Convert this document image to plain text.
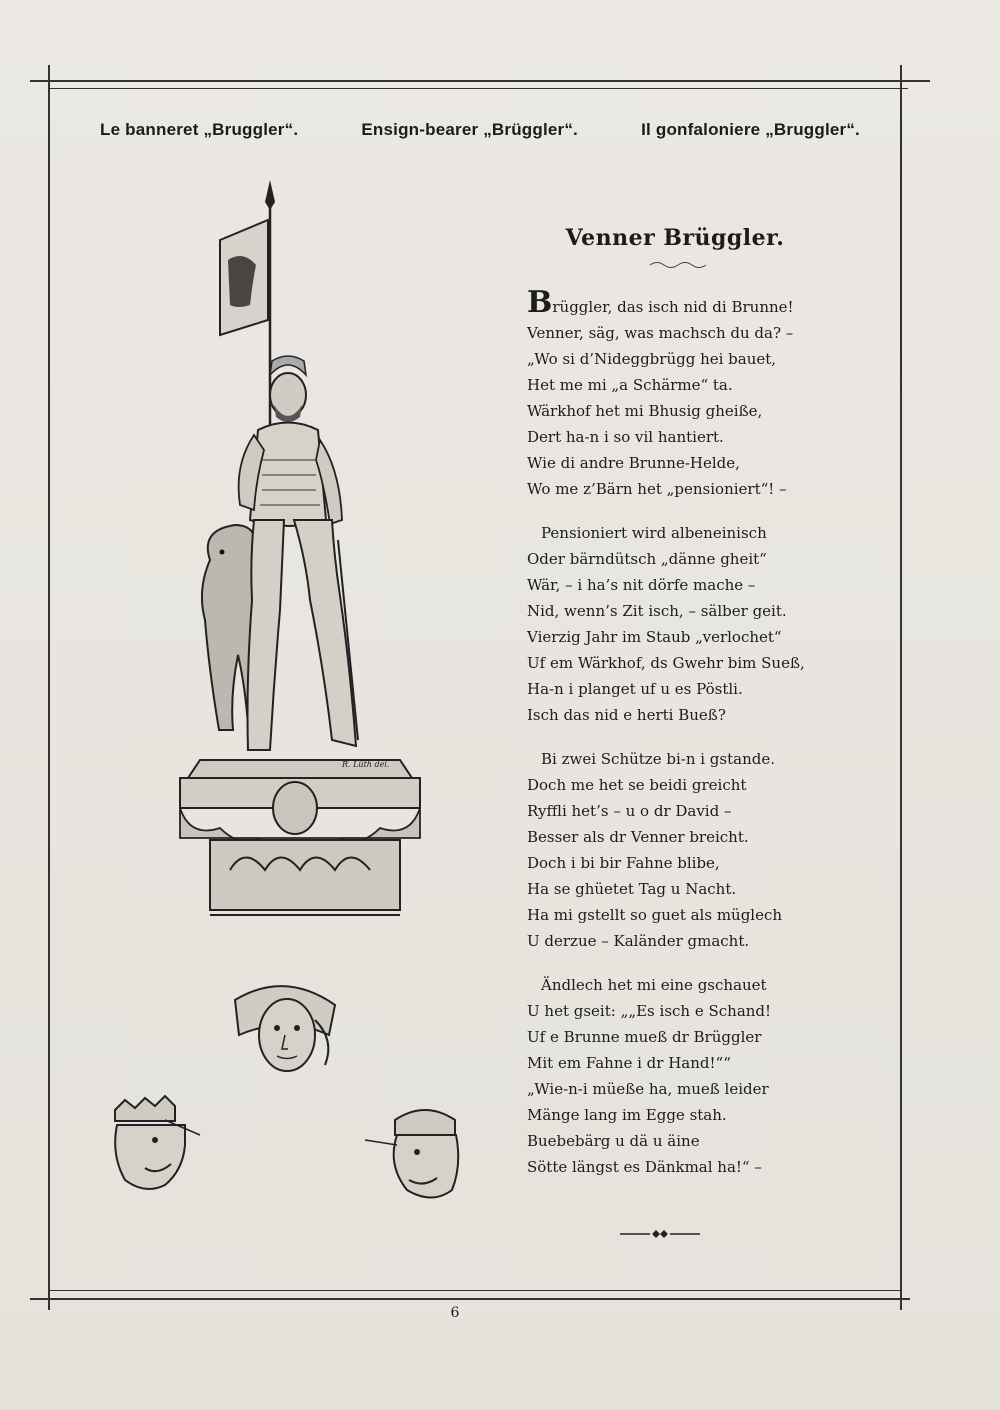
Le banneret „Bruggler“.	Ensign-bearer „Brüggler“.	Il gonfaloniere „Bruggler“.
R. Lüth del.
Venner Brüggler.
Brüggler, das isch nid di Brunne!
Venner, säg, was machsch du da? –
„Wo si d’Nideggbrügg hei bauet,
Het me mi „a Schärme“ ta.
Wärkhof het mi Bhusig gheiße,
Dert ha-n i so vil hantiert.
Wie di andre Brunne-Helde,
Wo me z’Bärn het „pensioniert“! –
Pensioniert wird albeneinisch
Oder bärndütsch „dänne gheit“
Wär, – i ha’s nit dörfe mache –
Nid, wenn’s Zit isch, – sälber geit.
Vierzig Jahr im Staub „verlochet“
Uf em Wärkhof, ds Gwehr bim Sueß,
Ha-n i planget uf u es Pöstli.
Isch das nid e herti Bueß?
Bi zwei Schütze bi-n i gstande.
Doch me het se beidi greicht
Ryffli het’s – u o dr David –
Besser als dr Venner breicht.
Doch i bi bir Fahne blibe,
Ha se ghüetet Tag u Nacht.
Ha mi gstellt so guet als müglech
U derzue – Kaländer gmacht.
Ändlech het mi eine gschauet
U het gseit: „„Es isch e Schand!
Uf e Brunne mueß dr Brüggler
Mit em Fahne i dr Hand!““
„Wie-n-i müeße ha, mueß leider
Mänge lang im Egge stah.
Buebebärg u dä u äine
Sötte längst es Dänkmal ha!“ –
6
